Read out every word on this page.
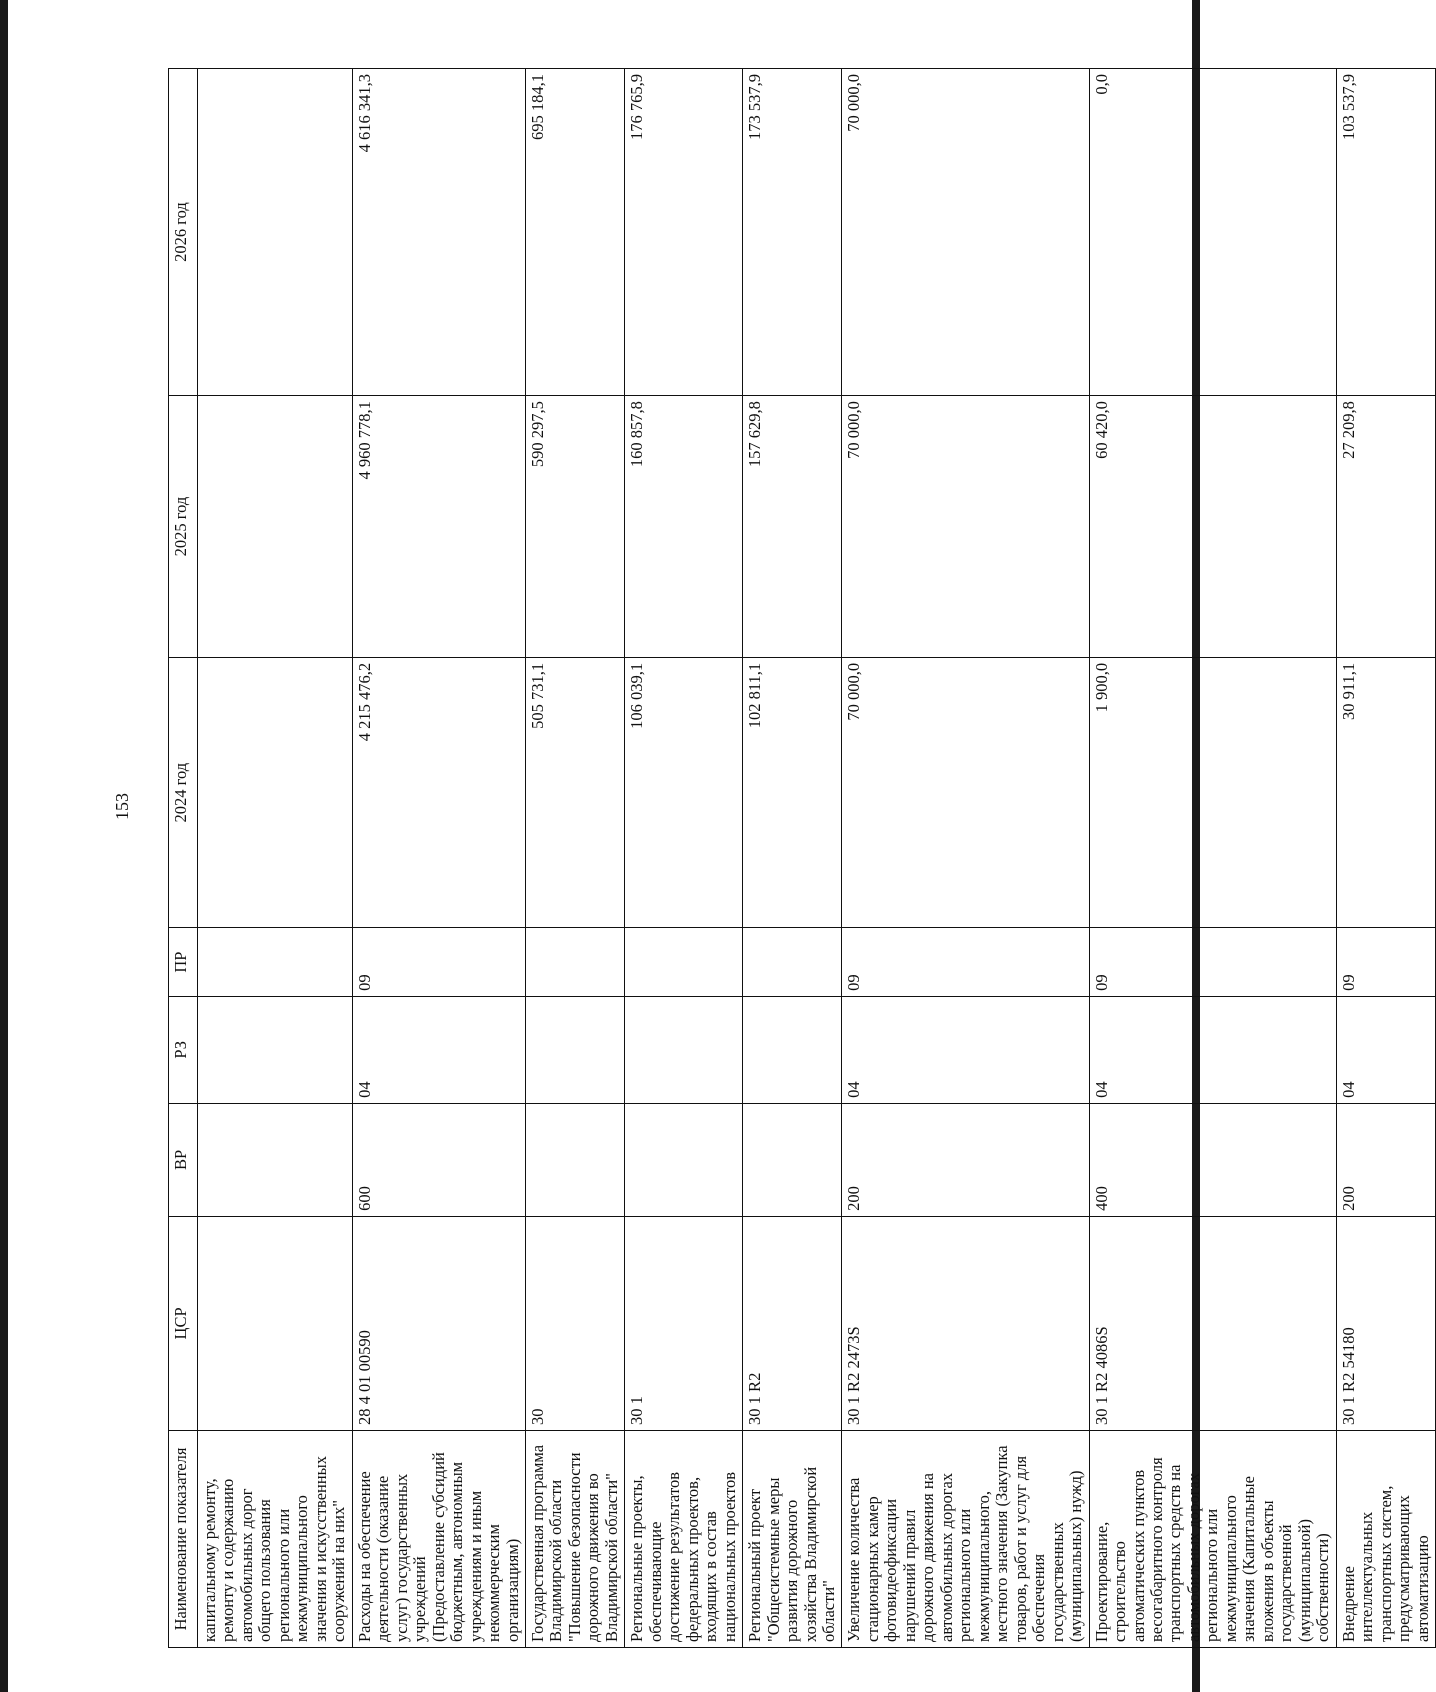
153
Наименование показателя	ЦСР	ВР	РЗ	ПР	2024 год	2025 год	2026 год
капитальному ремонту, ремонту и содержанию автомобильных дорог общего пользования регионального или межмуниципального значения и искусственных сооружений на них"							
Расходы на обеспечение деятельности (оказание услуг) государственных учреждений (Предоставление субсидий бюджетным, автономным учреждениям и иным некоммерческим организациям)	28 4 01 00590	600	04	09	4 215 476,2	4 960 778,1	4 616 341,3
Государственная программа Владимирской области "Повышение безопасности дорожного движения во Владимирской области"	30				505 731,1	590 297,5	695 184,1
Региональные проекты, обеспечивающие достижение результатов федеральных проектов, входящих в состав национальных проектов	30 1				106 039,1	160 857,8	176 765,9
Региональный проект "Общесистемные меры развития дорожного хозяйства Владимирской области"	30 1 R2				102 811,1	157 629,8	173 537,9
Увеличение количества стационарных камер фотовидеофиксации нарушений правил дорожного движения на автомобильных дорогах регионального или межмуниципального, местного значения (Закупка товаров, работ и услуг для обеспечения государственных (муниципальных) нужд)	30 1 R2 2473S	200	04	09	70 000,0	70 000,0	70 000,0
Проектирование, строительство автоматических пунктов весогабаритного контроля транспортных средств на автомобильных дорогах регионального или межмуниципального значения (Капитальные вложения в объекты государственной (муниципальной) собственности)	30 1 R2 4086S	400	04	09	1 900,0	60 420,0	0,0
Внедрение интеллектуальных транспортных систем, предусматривающих автоматизацию	30 1 R2 54180	200	04	09	30 911,1	27 209,8	103 537,9
